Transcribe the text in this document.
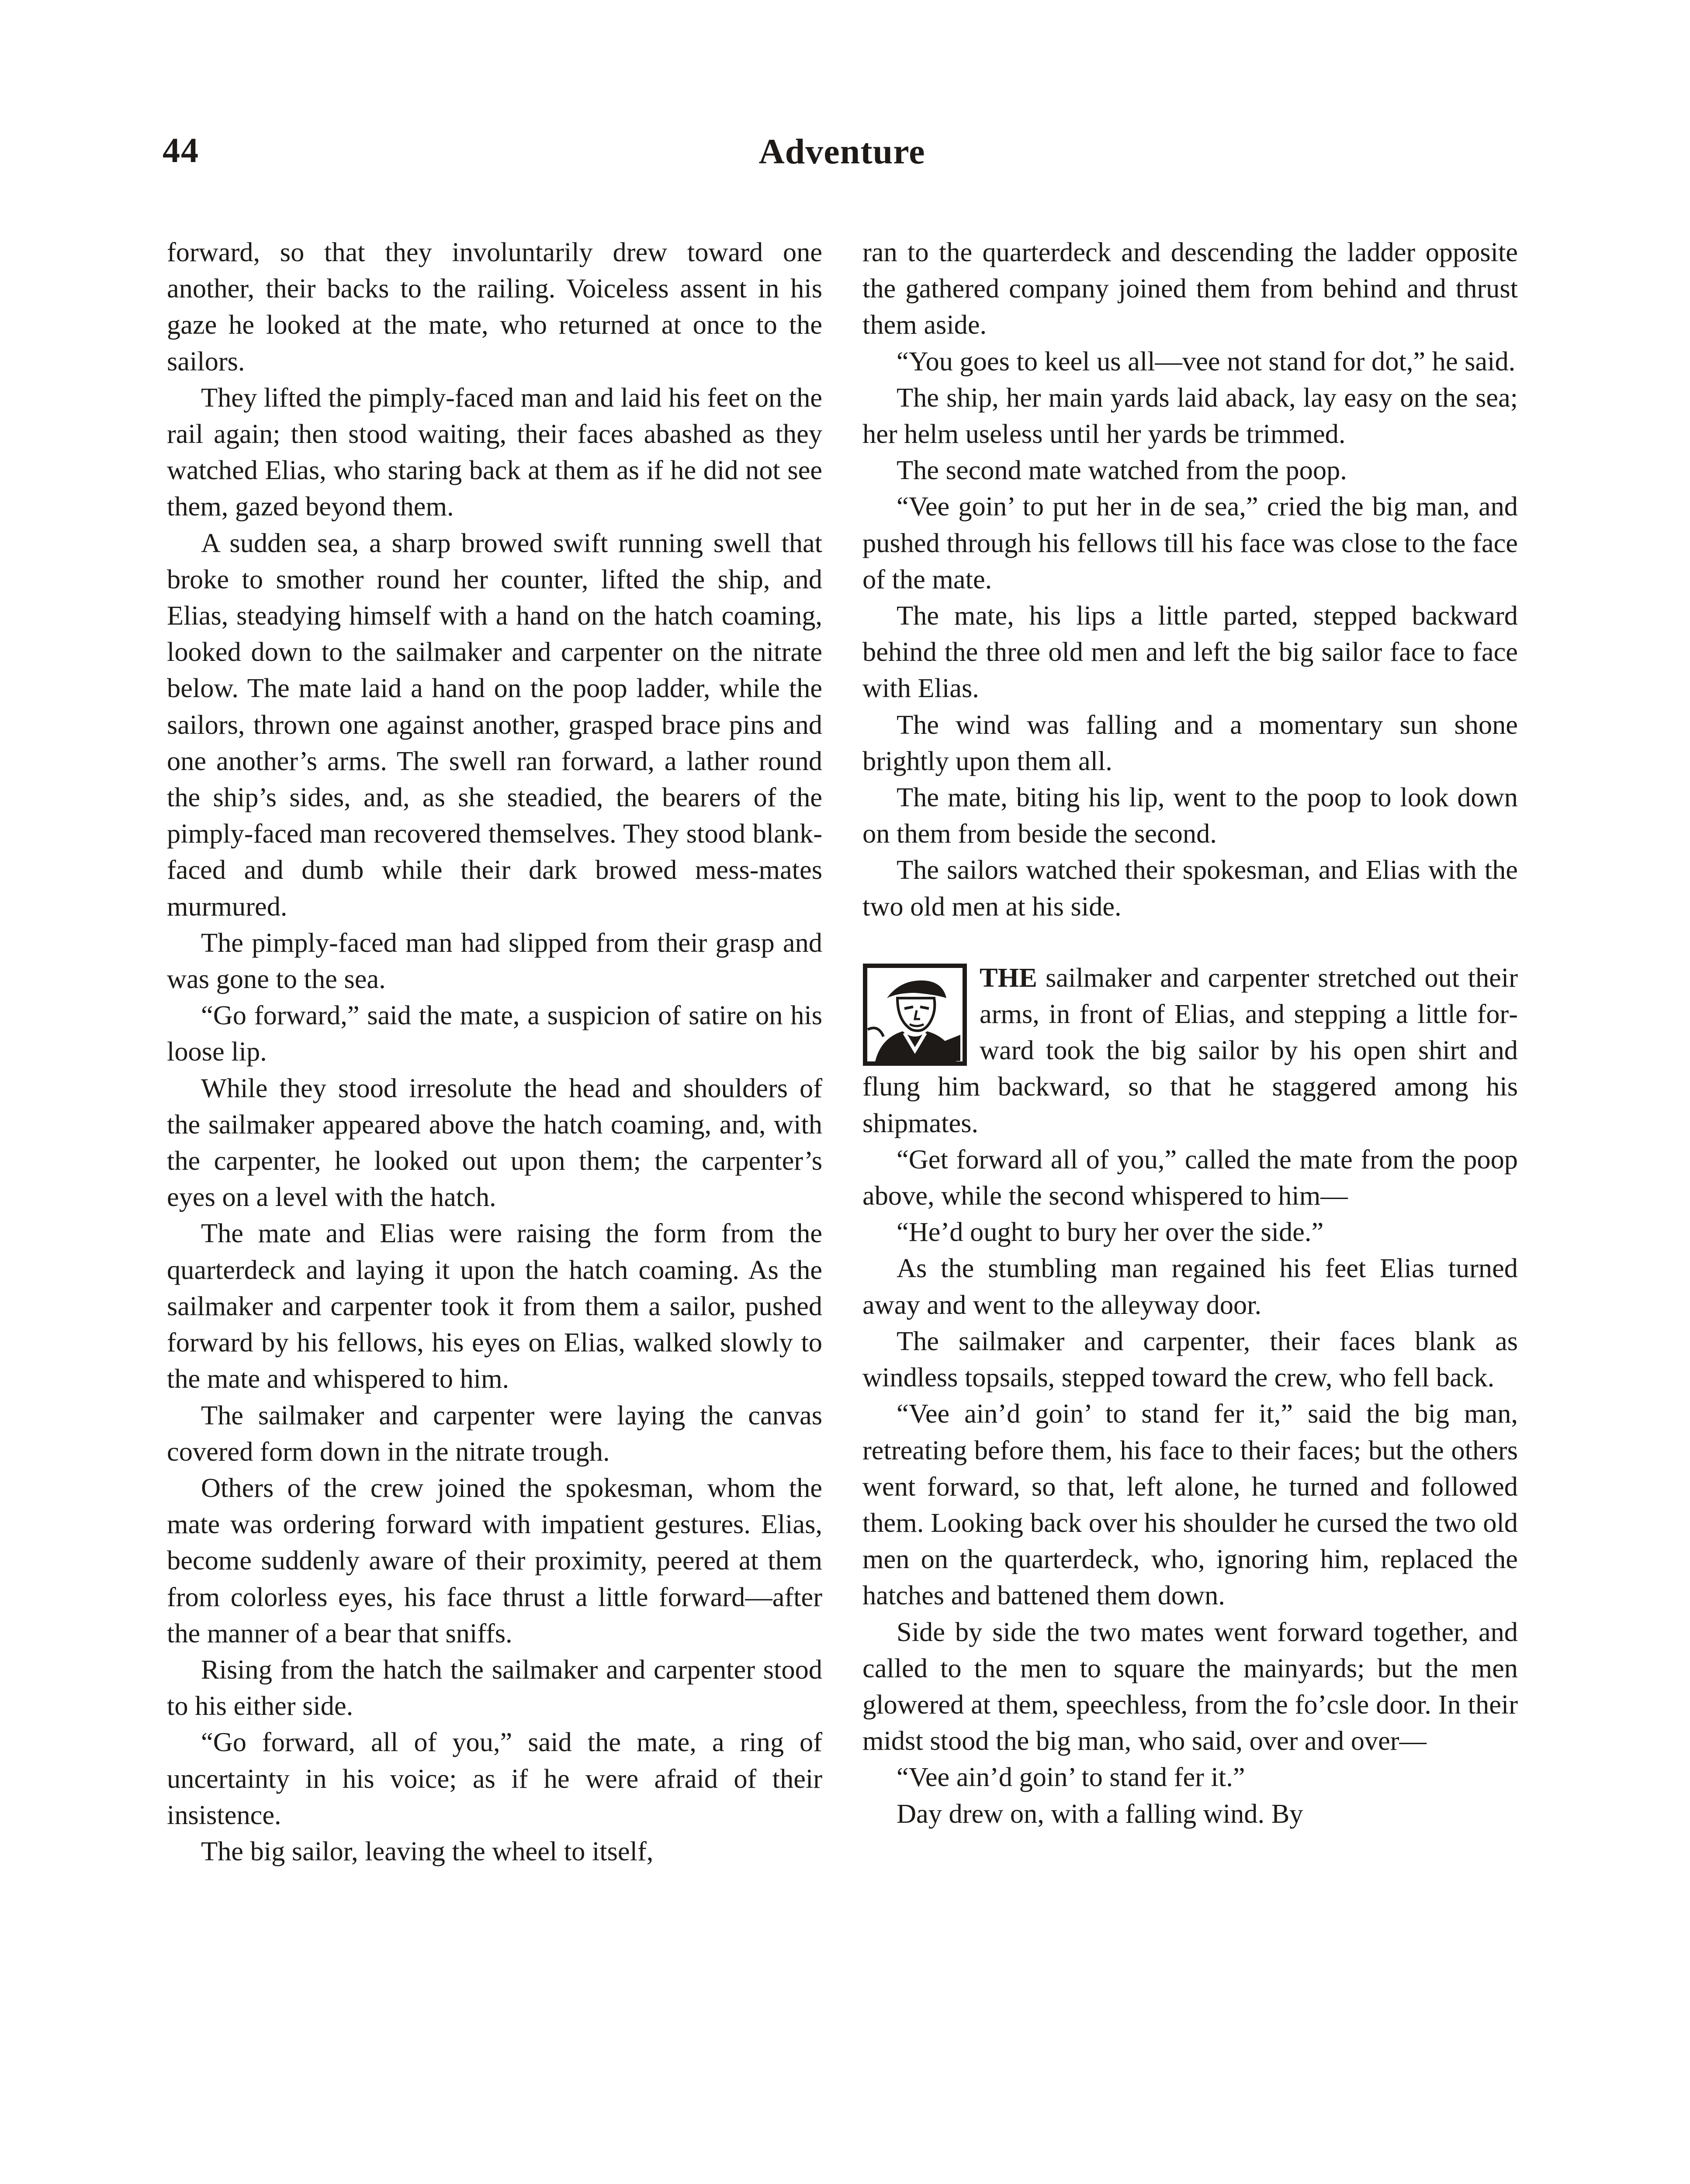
44	Adventure

forward, so that they involuntarily drew toward one another, their backs to the railing. Voiceless assent in his gaze he looked at the mate, who returned at once to the sailors.

They lifted the pimply-faced man and laid his feet on the rail again; then stood waiting, their faces abashed as they watched Elias, who staring back at them as if he did not see them, gazed beyond them.

A sudden sea, a sharp browed swift running swell that broke to smother round her counter, lifted the ship, and Elias, steadying himself with a hand on the hatch coaming, looked down to the sailmaker and carpenter on the nitrate below. The mate laid a hand on the poop ladder, while the sailors, thrown one against another, grasped brace pins and one another’s arms. The swell ran forward, a lather round the ship’s sides, and, as she steadied, the bearers of the pimply-faced man recovered themselves. They stood blank-faced and dumb while their dark browed mess-mates murmured.

The pimply-faced man had slipped from their grasp and was gone to the sea.

“Go forward,” said the mate, a suspicion of satire on his loose lip.

While they stood irresolute the head and shoulders of the sailmaker appeared above the hatch coaming, and, with the carpenter, he looked out upon them; the carpenter’s eyes on a level with the hatch.

The mate and Elias were raising the form from the quarterdeck and laying it upon the hatch coaming. As the sailmaker and carpenter took it from them a sailor, pushed forward by his fellows, his eyes on Elias, walked slowly to the mate and whispered to him.

The sailmaker and carpenter were laying the canvas covered form down in the nitrate trough.

Others of the crew joined the spokesman, whom the mate was ordering forward with impatient gestures. Elias, become suddenly aware of their proximity, peered at them from colorless eyes, his face thrust a little forward—after the manner of a bear that sniffs.

Rising from the hatch the sailmaker and carpenter stood to his either side.

“Go forward, all of you,” said the mate, a ring of uncertainty in his voice; as if he were afraid of their insistence.

The big sailor, leaving the wheel to itself,

ran to the quarterdeck and descending the ladder opposite the gathered company joined them from behind and thrust them aside.

“You goes to keel us all—vee not stand for dot,” he said.

The ship, her main yards laid aback, lay easy on the sea; her helm useless until her yards be trimmed.

The second mate watched from the poop.

“Vee goin’ to put her in de sea,” cried the big man, and pushed through his fellows till his face was close to the face of the mate.

The mate, his lips a little parted, stepped backward behind the three old men and left the big sailor face to face with Elias.

The wind was falling and a momentary sun shone brightly upon them all.

The mate, biting his lip, went to the poop to look down on them from beside the second.

The sailors watched their spokesman, and Elias with the two old men at his side.

THE sailmaker and carpenter stretched out their arms, in front of Elias, and stepping a little forward took the big sailor by his open shirt and flung him backward, so that he staggered among his shipmates.

“Get forward all of you,” called the mate from the poop above, while the second whispered to him—

“He’d ought to bury her over the side.”

As the stumbling man regained his feet Elias turned away and went to the alleyway door.

The sailmaker and carpenter, their faces blank as windless topsails, stepped toward the crew, who fell back.

“Vee ain’d goin’ to stand fer it,” said the big man, retreating before them, his face to their faces; but the others went forward, so that, left alone, he turned and followed them. Looking back over his shoulder he cursed the two old men on the quarterdeck, who, ignoring him, replaced the hatches and battened them down.

Side by side the two mates went forward together, and called to the men to square the mainyards; but the men glowered at them, speechless, from the fo’csle door. In their midst stood the big man, who said, over and over—

“Vee ain’d goin’ to stand fer it.”

Day drew on, with a falling wind. By
